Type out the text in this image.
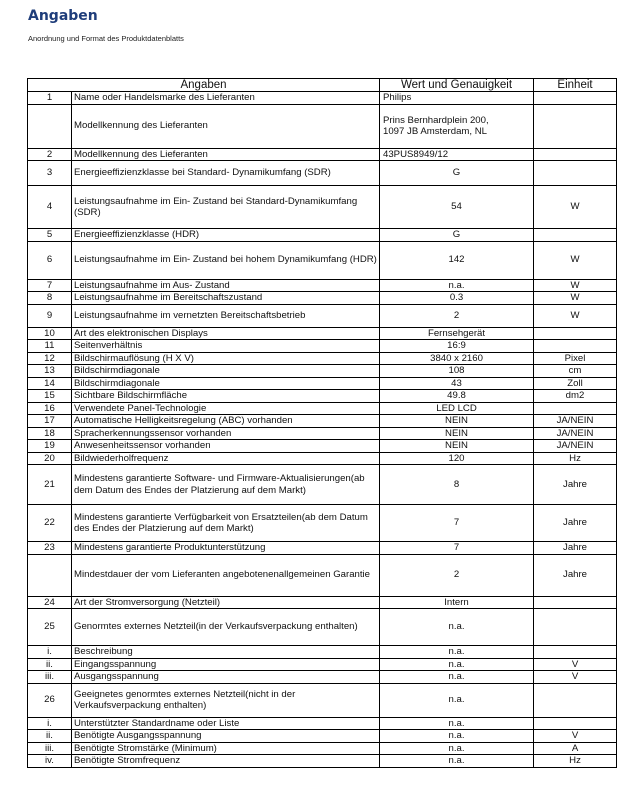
Angaben
Anordnung und Format des Produktdatenblatts
Angaben		Wert und Genauigkeit	Einheit
1	Name oder Handelsmarke des Lieferanten	Philips	
	Modellkennung des Lieferanten	Prins Bernhardplein 200,
1097 JB Amsterdam, NL	
2	Modellkennung des Lieferanten	43PUS8949/12	
3	Energieeffizienzklasse bei Standard- Dynamikumfang (SDR)	G	
4	Leistungsaufnahme im Ein- Zustand bei Standard-Dynamikumfang (SDR)	54	W
5	Energieeffizienzklasse (HDR)	G	
6	Leistungsaufnahme im Ein- Zustand bei hohem Dynamikumfang (HDR)	142	W
7	Leistungsaufnahme im Aus- Zustand	n.a.	W
8	Leistungsaufnahme im Bereitschaftszustand	0.3	W
9	Leistungsaufnahme im vernetzten Bereitschaftsbetrieb	2	W
10	Art des elektronischen Displays	Fernsehgerät	
11	Seitenverhältnis	16:9	
12	Bildschirmauflösung (H X V)	3840 x 2160	Pixel
13	Bildschirmdiagonale	108	cm
14	Bildschirmdiagonale	43	Zoll
15	Sichtbare Bildschirmfläche	49.8	dm2
16	Verwendete Panel-Technologie	LED LCD	
17	Automatische Helligkeitsregelung (ABC) vorhanden	NEIN	JA/NEIN
18	Spracherkennungssensor vorhanden	NEIN	JA/NEIN
19	Anwesenheitssensor vorhanden	NEIN	JA/NEIN
20	Bildwiederholfrequenz	120	Hz
21	Mindestens garantierte Software- und Firmware-Aktualisierungen(ab dem Datum des Endes der Platzierung auf dem Markt)	8	Jahre
22	Mindestens garantierte Verfügbarkeit von Ersatzteilen(ab dem Datum des Endes der Platzierung auf dem Markt)	7	Jahre
23	Mindestens garantierte Produktunterstützung	7	Jahre
	Mindestdauer der vom Lieferanten angebotenenallgemeinen Garantie	2	Jahre
24	Art der Stromversorgung (Netzteil)	Intern	
25	Genormtes externes Netzteil(in der Verkaufsverpackung enthalten)	n.a.	
i.	Beschreibung	n.a.	
ii.	Eingangsspannung	n.a.	V
iii.	Ausgangsspannung	n.a.	V
26	Geeignetes genormtes externes Netzteil(nicht in der Verkaufsverpackung enthalten)	n.a.	
i.	Unterstützter Standardname oder Liste	n.a.	
ii.	Benötigte Ausgangsspannung	n.a.	V
iii.	Benötigte Stromstärke (Minimum)	n.a.	A
iv.	Benötigte Stromfrequenz	n.a.	Hz
